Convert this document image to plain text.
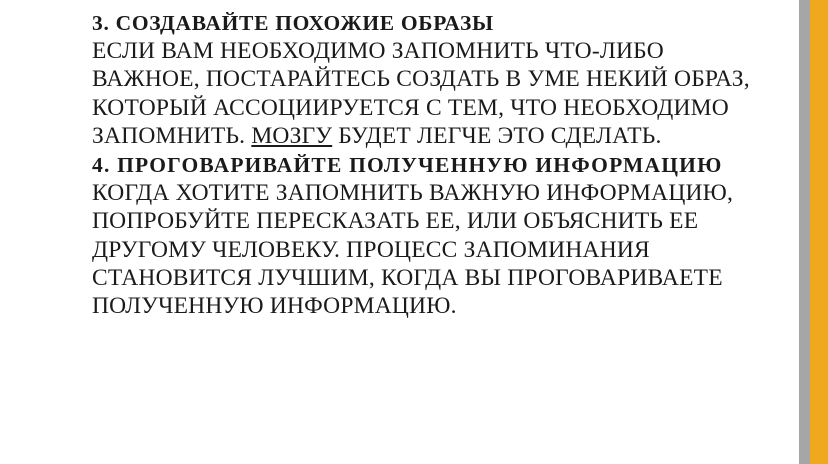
3. СОЗДАВАЙТЕ ПОХОЖИЕ ОБРАЗЫ

ЕСЛИ ВАМ НЕОБХОДИМО ЗАПОМНИТЬ ЧТО-ЛИБО ВАЖНОЕ, ПОСТАРАЙТЕСЬ СОЗДАТЬ В УМЕ НЕКИЙ ОБРАЗ, КОТОРЫЙ АССОЦИИРУЕТСЯ С ТЕМ, ЧТО НЕОБХОДИМО ЗАПОМНИТЬ. МОЗГУ БУДЕТ ЛЕГЧЕ ЭТО СДЕЛАТЬ.

4. ПРОГОВАРИВАЙТЕ ПОЛУЧЕННУЮ ИНФОРМАЦИЮ

КОГДА ХОТИТЕ ЗАПОМНИТЬ ВАЖНУЮ ИНФОРМАЦИЮ, ПОПРОБУЙТЕ ПЕРЕСКАЗАТЬ ЕЕ, ИЛИ ОБЪЯСНИТЬ ЕЕ ДРУГОМУ ЧЕЛОВЕКУ. ПРОЦЕСС ЗАПОМИНАНИЯ СТАНОВИТСЯ ЛУЧШИМ, КОГДА ВЫ ПРОГОВАРИВАЕТЕ ПОЛУЧЕННУЮ ИНФОРМАЦИЮ.
